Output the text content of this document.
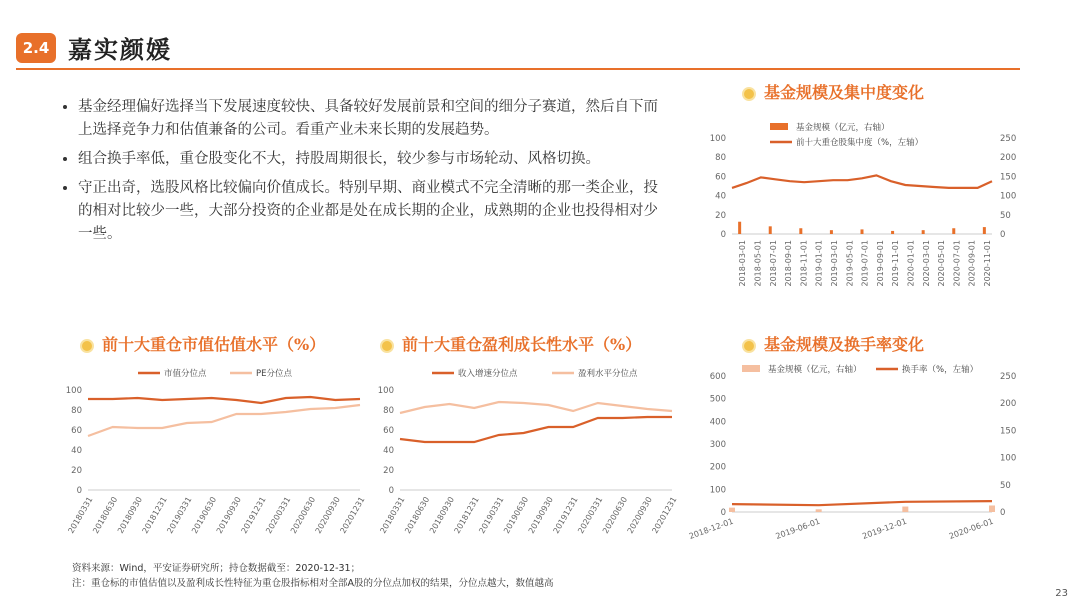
2.4 嘉实颜媛
• 基金经理偏好选择当下发展速度较快、具备较好发展前景和空间的细分子赛道，然后自下而上选择竞争力和估值兼备的公司。看重产业未来长期的发展趋势。
• 组合换手率低，重仓股变化不大，持股周期很长，较少参与市场轮动、风格切换。
• 守正出奇，选股风格比较偏向价值成长。特别早期、商业模式不完全清晰的那一类企业，投的相对比较少一些，大部分投资的企业都是处在成长期的企业，成熟期的企业也投得相对少一些。
基金规模及集中度变化
前十大重仓市值估值水平（%）	前十大重仓盈利成长性水平（%）	基金规模及换手率变化
0
20
40
60
80
100
0
50
100
150
200
250
基金规模（亿元，右轴）
前十大重仓股集中度（%，左轴）
2018-03-01 2018-05-01 2018-07-01 2018-09-01 2018-11-01 2019-01-01 2019-03-01 2019-05-01 2019-07-01 2019-09-01 2019-11-01 2020-01-01 2020-03-01 2020-05-01 2020-07-01 2020-09-01 2020-11-01
0
20
40
60
80
100
市值分位点	PE分位点
20180331
20180630
20180930
20181231
20190331
20190630
20190930
20191231
20200331
20200630
20200930
20201231
0
20
40
60
80
100
收入增速分位点	盈利水平分位点
20180331
20180630
20180930
20181231
20190331
20190630
20190930
20191231
20200331
20200630
20200930
20201231	0
100
200
300
400
500
600
0
50
100
150
200
250
基金规模（亿元，右轴）	换手率（%，左轴）
2018-12-01	2019-06-01	2019-12-01	2020-06-01
资料来源：Wind，平安证券研究所；持仓数据截至：2020-12-31；
注：重仓标的市值估值以及盈利成长性特征为重仓股指标相对全部A股的分位点加权的结果，分位点越大，数值越高
23
